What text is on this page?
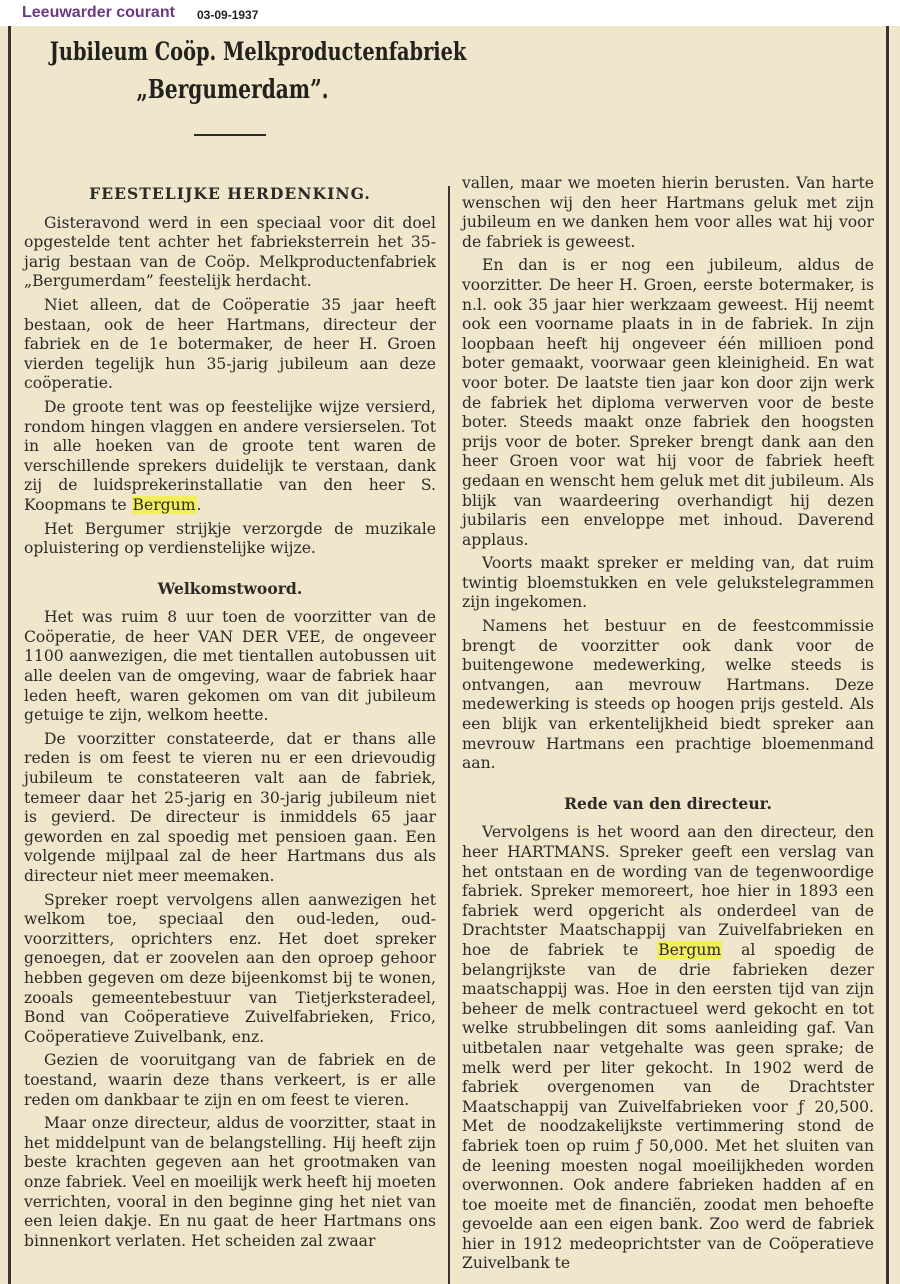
Leeuwarder courant 03-09-1937
Jubileum Coöp. Melkproductenfabriek
„Bergumerdam”.
FEESTELIJKE HERDENKING.

Gisteravond werd in een speciaal voor dit doel opgestelde tent achter het fabrieksterrein het 35-jarig bestaan van de Coöp. Melkproductenfabriek „Bergumerdam” feestelijk herdacht.

Niet alleen, dat de Coöperatie 35 jaar heeft bestaan, ook de heer Hartmans, directeur der fabriek en de 1e botermaker, de heer H. Groen vierden tegelijk hun 35-jarig jubileum aan deze coöperatie.

De groote tent was op feestelijke wijze versierd, rondom hingen vlaggen en andere versierselen. Tot in alle hoeken van de groote tent waren de verschillende sprekers duidelijk te verstaan, dank zij de luidsprekerinstallatie van den heer S. Koopmans te Bergum.

Het Bergumer strijkje verzorgde de muzikale opluistering op verdienstelijke wijze.

Welkomstwoord.

Het was ruim 8 uur toen de voorzitter van de Coöperatie, de heer VAN DER VEE, de ongeveer 1100 aanwezigen, die met tientallen autobussen uit alle deelen van de omgeving, waar de fabriek haar leden heeft, waren gekomen om van dit jubileum getuige te zijn, welkom heette.

De voorzitter constateerde, dat er thans alle reden is om feest te vieren nu er een drievoudig jubileum te constateeren valt aan de fabriek, temeer daar het 25-jarig en 30-jarig jubileum niet is gevierd. De directeur is inmiddels 65 jaar geworden en zal spoedig met pensioen gaan. Een volgende mijlpaal zal de heer Hartmans dus als directeur niet meer meemaken.

Spreker roept vervolgens allen aanwezigen het welkom toe, speciaal den oud-leden, oud-voorzitters, oprichters enz. Het doet spreker genoegen, dat er zoovelen aan den oproep gehoor hebben gegeven om deze bijeenkomst bij te wonen, zooals gemeentebestuur van Tietjerksteradeel, Bond van Coöperatieve Zuivelfabrieken, Frico, Coöperatieve Zuivelbank, enz.

Gezien de vooruitgang van de fabriek en de toestand, waarin deze thans verkeert, is er alle reden om dankbaar te zijn en om feest te vieren.

Maar onze directeur, aldus de voorzitter, staat in het middelpunt van de belangstelling. Hij heeft zijn beste krachten gegeven aan het grootmaken van onze fabriek. Veel en moeilijk werk heeft hij moeten verrichten, vooral in den beginne ging het niet van een leien dakje. En nu gaat de heer Hartmans ons binnenkort verlaten. Het scheiden zal zwaar

vallen, maar we moeten hierin berusten. Van harte wenschen wij den heer Hartmans geluk met zijn jubileum en we danken hem voor alles wat hij voor de fabriek is geweest.

En dan is er nog een jubileum, aldus de voorzitter. De heer H. Groen, eerste botermaker, is n.l. ook 35 jaar hier werkzaam geweest. Hij neemt ook een voorname plaats in in de fabriek. In zijn loopbaan heeft hij ongeveer één millioen pond boter gemaakt, voorwaar geen kleinigheid. En wat voor boter. De laatste tien jaar kon door zijn werk de fabriek het diploma verwerven voor de beste boter. Steeds maakt onze fabriek den hoogsten prijs voor de boter. Spreker brengt dank aan den heer Groen voor wat hij voor de fabriek heeft gedaan en wenscht hem geluk met dit jubileum. Als blijk van waardeering overhandigt hij dezen jubilaris een enveloppe met inhoud. Daverend applaus.

Voorts maakt spreker er melding van, dat ruim twintig bloemstukken en vele gelukstelegrammen zijn ingekomen.

Namens het bestuur en de feestcommissie brengt de voorzitter ook dank voor de buitengewone medewerking, welke steeds is ontvangen, aan mevrouw Hartmans. Deze medewerking is steeds op hoogen prijs gesteld. Als een blijk van erkentelijkheid biedt spreker aan mevrouw Hartmans een prachtige bloemenmand aan.

Rede van den directeur.

Vervolgens is het woord aan den directeur, den heer HARTMANS. Spreker geeft een verslag van het ontstaan en de wording van de tegenwoordige fabriek. Spreker memoreert, hoe hier in 1893 een fabriek werd opgericht als onderdeel van de Drachtster Maatschappij van Zuivelfabrieken en hoe de fabriek te Bergum al spoedig de belangrijkste van de drie fabrieken dezer maatschappij was. Hoe in den eersten tijd van zijn beheer de melk contractueel werd gekocht en tot welke strubbelingen dit soms aanleiding gaf. Van uitbetalen naar vetgehalte was geen sprake; de melk werd per liter gekocht. In 1902 werd de fabriek overgenomen van de Drachtster Maatschappij van Zuivelfabrieken voor ƒ 20,500. Met de noodzakelijkste vertimmering stond de fabriek toen op ruim ƒ 50,000. Met het sluiten van de leening moesten nogal moeilijkheden worden overwonnen. Ook andere fabrieken hadden af en toe moeite met de financiën, zoodat men behoefte gevoelde aan een eigen bank. Zoo werd de fabriek hier in 1912 medeoprichtster van de Coöperatieve Zuivelbank te
